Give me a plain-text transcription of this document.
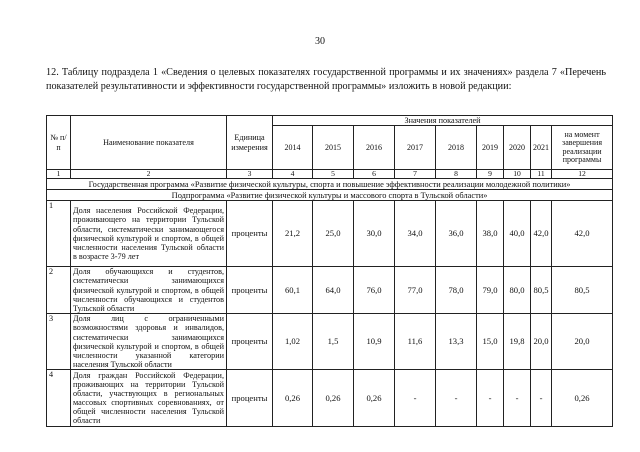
30
12. Таблицу подраздела 1 «Сведения о целевых показателях государственной программы и их значениях» раздела 7 «Перечень показателей результативности и эффективности государственной программы» изложить в новой редакции:
№ п/п	Наименование показателя	Единица измерения	Значения показателей								
			2014	2015	2016	2017	2018	2019	2020	2021	на момент завершения реализации программы
1	2	3	4	5	6	7	8	9	10	11	12
Государственная программа «Развитие физической культуры, спорта и повышение эффективности реализации молодежной политики»											
Подпрограмма «Развитие физической культуры и массового спорта в Тульской области»											
1	Доля населения Российской Федерации, проживающего на территории Тульской области, систематически занимающегося физической культурой и спортом, в общей численности населения Тульской области в возрасте 3-79 лет	проценты	21,2	25,0	30,0	34,0	36,0	38,0	40,0	42,0	42,0
2	Доля обучающихся и студентов, систематически занимающихся физической культурой и спортом, в общей численности обучающихся и студентов Тульской области	проценты	60,1	64,0	76,0	77,0	78,0	79,0	80,0	80,5	80,5
3	Доля лиц с ограниченными возможностями здоровья и инвалидов, систематически занимающихся физической культурой и спортом, в общей численности указанной категории населения Тульской области	проценты	1,02	1,5	10,9	11,6	13,3	15,0	19,8	20,0	20,0
4	Доля граждан Российской Федерации, проживающих на территории Тульской области, участвующих в региональных массовых спортивных соревнованиях, от общей численности населения Тульской области	проценты	0,26	0,26	0,26	-	-	-	-	-	0,26
